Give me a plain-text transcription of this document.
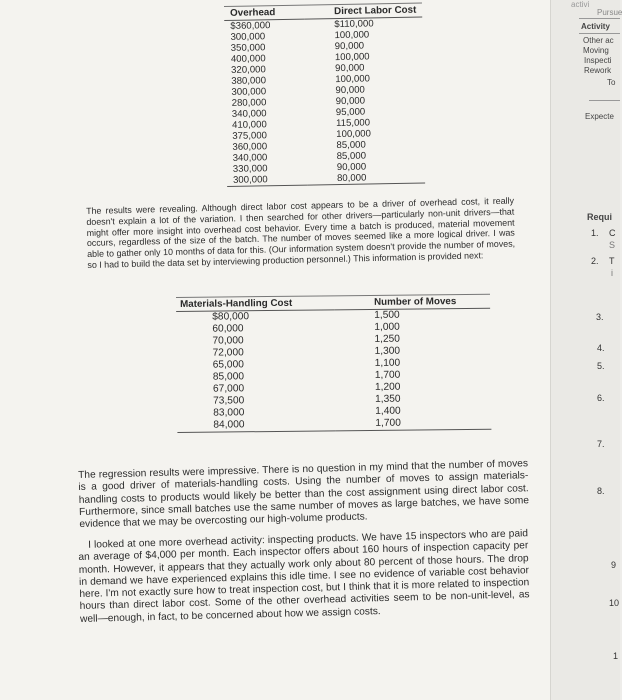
Overhead	Direct Labor Cost
$360,000	$110,000
300,000	100,000
350,000	90,000
400,000	100,000
320,000	90,000
380,000	100,000
300,000	90,000
280,000	90,000
340,000	95,000
410,000	115,000
375,000	100,000
360,000	85,000
340,000	85,000
330,000	90,000
300,000	80,000

The results were revealing. Although direct labor cost appears to be a driver of overhead cost, it really doesn't explain a lot of the variation. I then searched for other drivers—particularly non-unit drivers—that might offer more insight into overhead cost behavior. Every time a batch is produced, material movement occurs, regardless of the size of the batch. The number of moves seemed like a more logical driver. I was able to gather only 10 months of data for this. (Our information system doesn't provide the number of moves, so I had to build the data set by interviewing production personnel.) This information is provided next:

Materials-Handling Cost	Number of Moves
$80,000	1,500
60,000	1,000
70,000	1,250
72,000	1,300
65,000	1,100
85,000	1,700
67,000	1,200
73,500	1,350
83,000	1,400
84,000	1,700

The regression results were impressive. There is no question in my mind that the number of moves is a good driver of materials-handling costs. Using the number of moves to assign materials-handling costs to products would likely be better than the cost assignment using direct labor cost. Furthermore, since small batches use the same number of moves as large batches, we have some evidence that we may be overcosting our high-volume products.

I looked at one more overhead activity: inspecting products. We have 15 inspectors who are paid an average of $4,000 per month. Each inspector offers about 160 hours of inspection capacity per month. However, it appears that they actually work only about 80 percent of those hours. The drop in demand we have experienced explains this idle time. I see no evidence of variable cost behavior here. I'm not exactly sure how to treat inspection cost, but I think that it is more related to inspection hours than direct labor cost. Some of the other overhead activities seem to be non-unit-level, as well—enough, in fact, to be concerned about how we assign costs.

activi
Pursue
Activity
Other ac
Moving
Inspecti
Rework
To
Expecte
Requi
1. C
S
2. T
i
3.
4.
5.
6.
7.
8.
9
10
1
